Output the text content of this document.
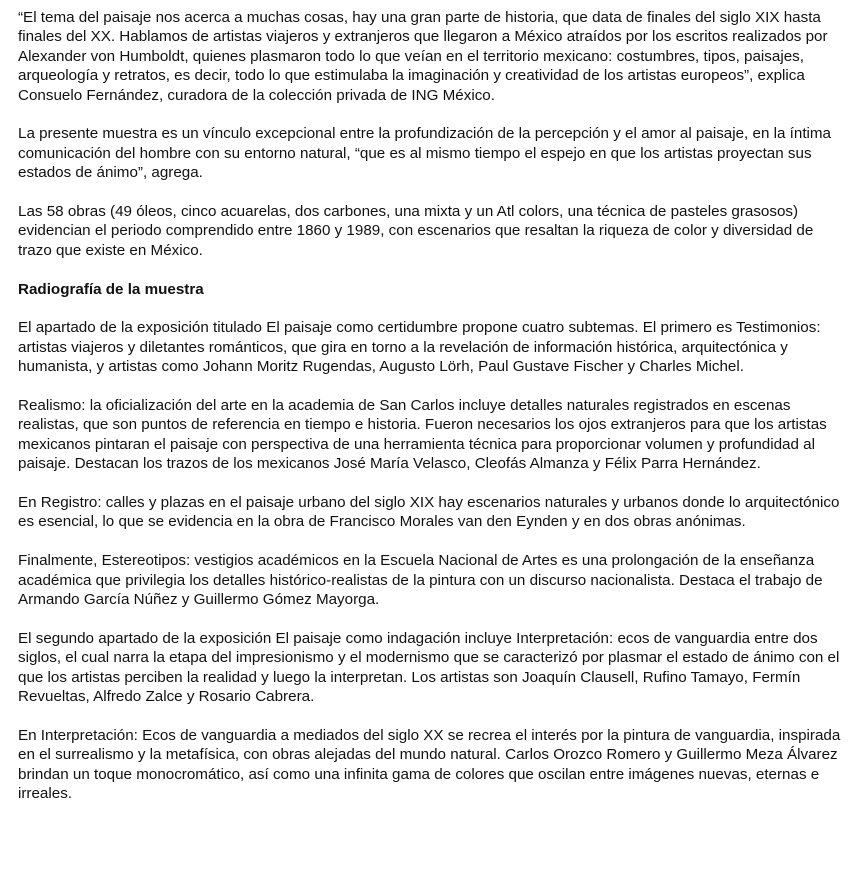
“El tema del paisaje nos acerca a muchas cosas, hay una gran parte de historia, que data de finales del siglo XIX hasta finales del XX. Hablamos de artistas viajeros y extranjeros que llegaron a México atraídos por los escritos realizados por Alexander von Humboldt, quienes plasmaron todo lo que veían en el territorio mexicano: costumbres, tipos, paisajes, arqueología y retratos, es decir, todo lo que estimulaba la imaginación y creatividad de los artistas europeos”, explica Consuelo Fernández, curadora de la colección privada de ING México.

La presente muestra es un vínculo excepcional entre la profundización de la percepción y el amor al paisaje, en la íntima comunicación del hombre con su entorno natural, “que es al mismo tiempo el espejo en que los artistas proyectan sus estados de ánimo”, agrega.

Las 58 obras (49 óleos, cinco acuarelas, dos carbones, una mixta y un Atl colors, una técnica de pasteles grasosos) evidencian el periodo comprendido entre 1860 y 1989, con escenarios que resaltan la riqueza de color y diversidad de trazo que existe en México.

Radiografía de la muestra

El apartado de la exposición titulado El paisaje como certidumbre propone cuatro subtemas. El primero es Testimonios: artistas viajeros y diletantes románticos, que gira en torno a la revelación de información histórica, arquitectónica y humanista, y artistas como Johann Moritz Rugendas, Augusto Lörh, Paul Gustave Fischer y Charles Michel.

Realismo: la oficialización del arte en la academia de San Carlos incluye detalles naturales registrados en escenas realistas, que son puntos de referencia en tiempo e historia. Fueron necesarios los ojos extranjeros para que los artistas mexicanos pintaran el paisaje con perspectiva de una herramienta técnica para proporcionar volumen y profundidad al paisaje. Destacan los trazos de los mexicanos José María Velasco, Cleofás Almanza y Félix Parra Hernández.

En Registro: calles y plazas en el paisaje urbano del siglo XIX hay escenarios naturales y urbanos donde lo arquitectónico es esencial, lo que se evidencia en la obra de Francisco Morales van den Eynden y en dos obras anónimas.

Finalmente, Estereotipos: vestigios académicos en la Escuela Nacional de Artes es una prolongación de la enseñanza académica que privilegia los detalles histórico-realistas de la pintura con un discurso nacionalista. Destaca el trabajo de Armando García Núñez y Guillermo Gómez Mayorga.

El segundo apartado de la exposición El paisaje como indagación incluye Interpretación: ecos de vanguardia entre dos siglos, el cual narra la etapa del impresionismo y el modernismo que se caracterizó por plasmar el estado de ánimo con el que los artistas perciben la realidad y luego la interpretan. Los artistas son Joaquín Clausell, Rufino Tamayo, Fermín Revueltas, Alfredo Zalce y Rosario Cabrera.

En Interpretación: Ecos de vanguardia a mediados del siglo XX se recrea el interés por la pintura de vanguardia, inspirada en el surrealismo y la metafísica, con obras alejadas del mundo natural. Carlos Orozco Romero y Guillermo Meza Álvarez brindan un toque monocromático, así como una infinita gama de colores que oscilan entre imágenes nuevas, eternas e irreales.
